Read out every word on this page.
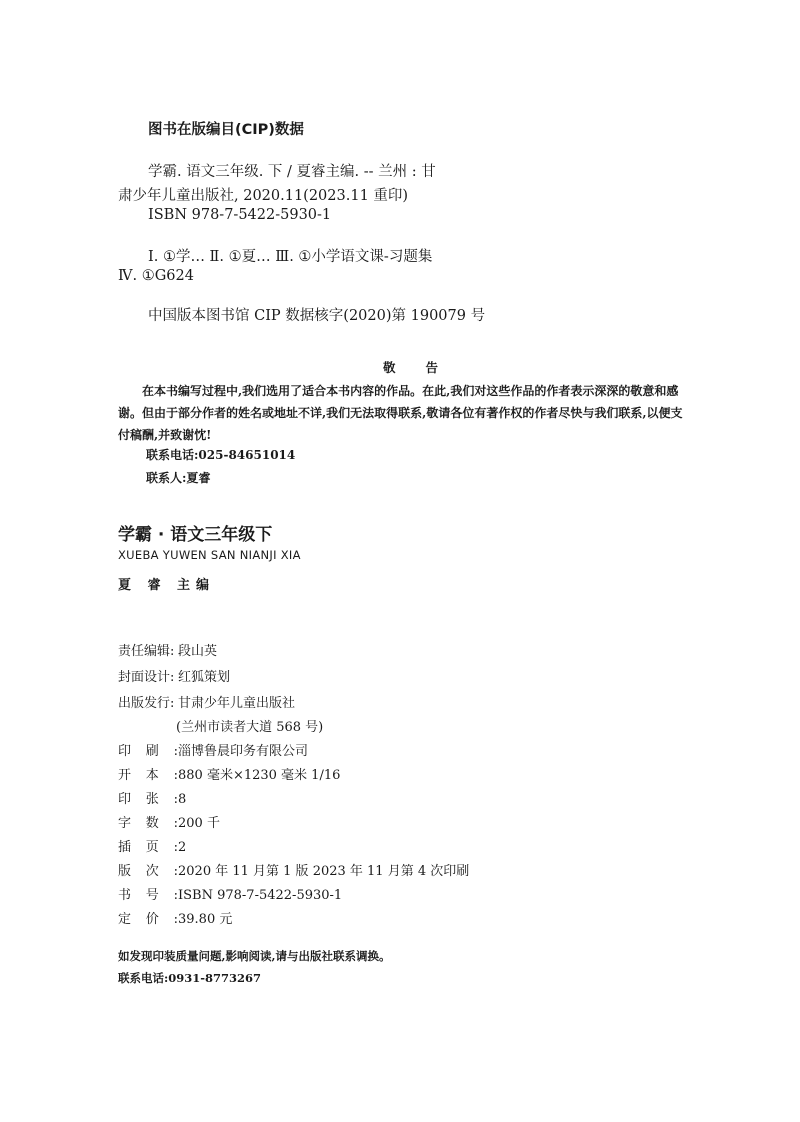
图书在版编目(CIP)数据
学霸. 语文三年级. 下 / 夏睿主编. -- 兰州 : 甘
肃少年儿童出版社, 2020.11(2023.11 重印)
ISBN 978-7-5422-5930-1
Ⅰ. ①学… Ⅱ. ①夏… Ⅲ. ①小学语文课-习题集
Ⅳ. ①G624
中国版本图书馆 CIP 数据核字(2020)第 190079 号
敬告
在本书编写过程中,我们选用了适合本书内容的作品。在此,我们对这些作品的作者表示深深的敬意和感谢。但由于部分作者的姓名或地址不详,我们无法取得联系,敬请各位有著作权的作者尽快与我们联系,以便支付稿酬,并致谢忱!
联系电话:025-84651014
联系人:夏睿
学霸 · 语文三年级下
XUEBA YUWEN SAN NIANJI XIA
夏 睿 主编
责任编辑: 段山英
封面设计: 红狐策划
出版发行: 甘肃少年儿童出版社
(兰州市读者大道 568 号)
印刷:淄博鲁晨印务有限公司
开本:880 毫米×1230 毫米 1/16
印张:8
字数:200 千
插页:2
版次:2020 年 11 月第 1 版 2023 年 11 月第 4 次印刷
书号:ISBN 978-7-5422-5930-1
定价:39.80 元
如发现印装质量问题,影响阅读,请与出版社联系调换。
联系电话:0931-8773267
